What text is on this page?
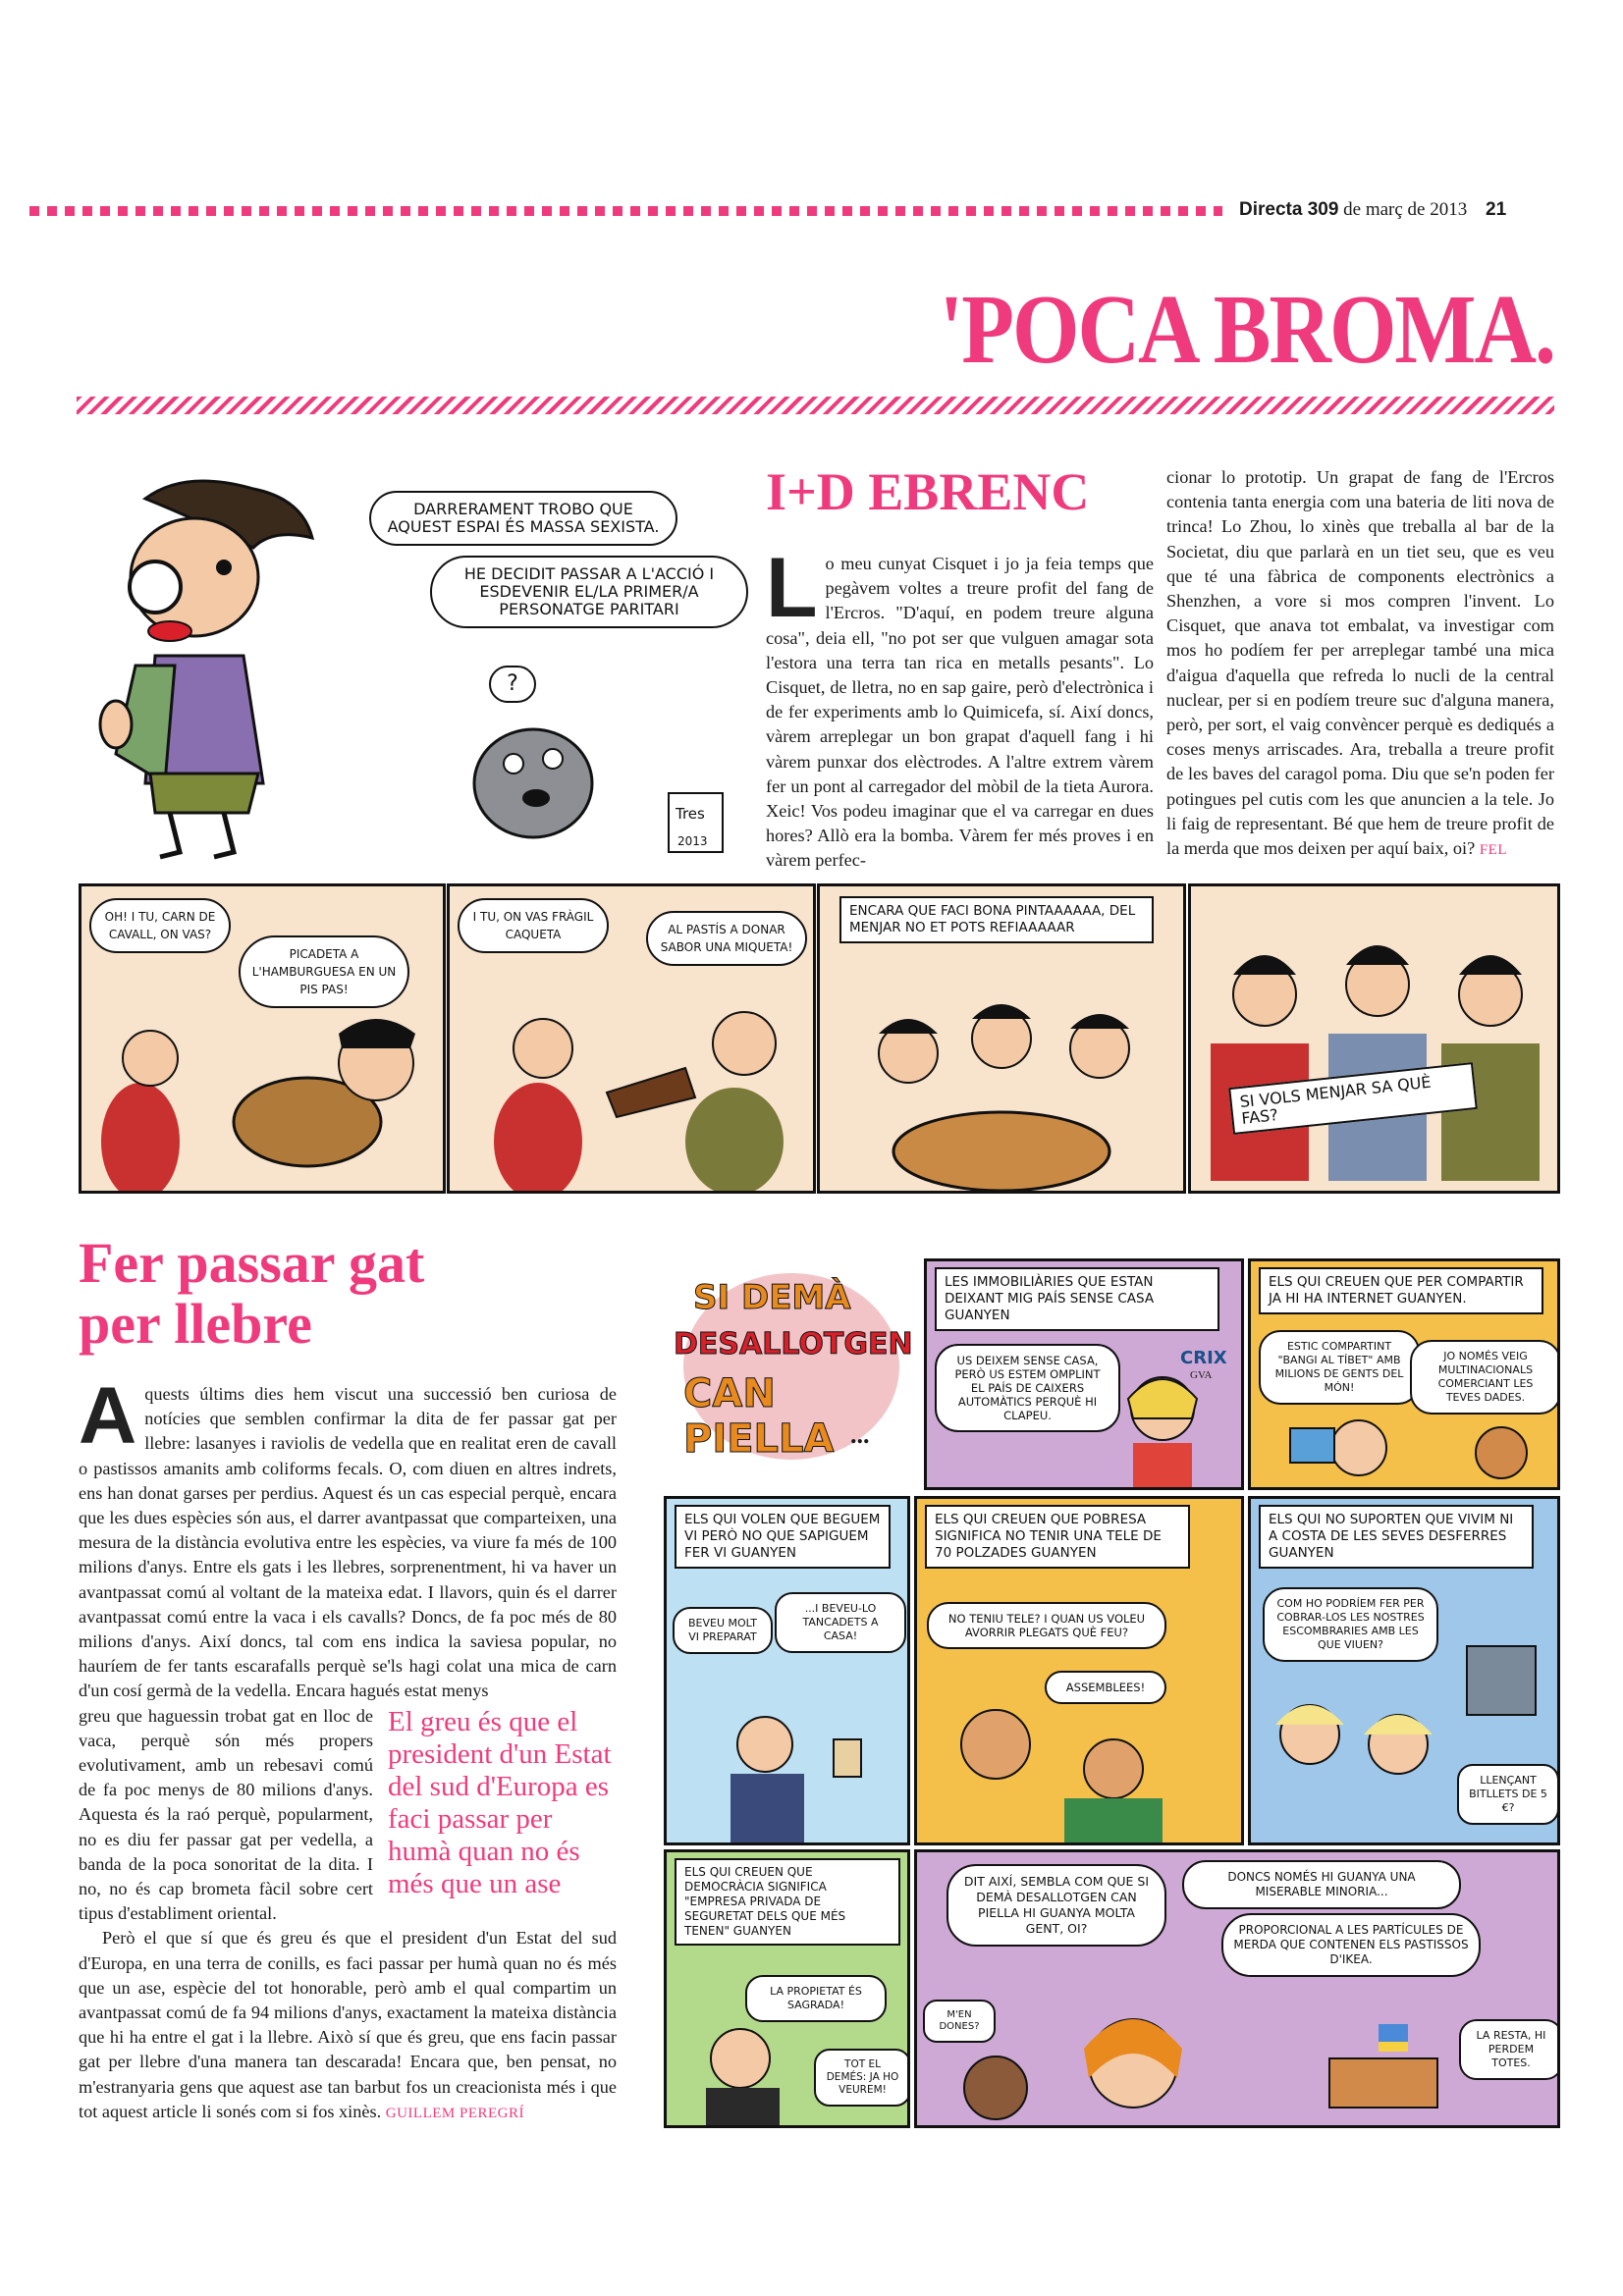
Directa 309 de març de 2013 21
'POCA BROMA.
DARRERAMENT TROBO QUE AQUEST ESPAI ÉS MASSA SEXISTA.
HE DECIDIT PASSAR A L'ACCIÓ I ESDEVENIR EL/LA PRIMER/A PERSONATGE PARITARI
?
Tres
2013
I+D EBRENC
Lo meu cunyat Cisquet i jo ja feia temps que pegàvem voltes a treure profit del fang de l'Ercros. "D'aquí, en podem treure alguna cosa", deia ell, "no pot ser que vulguen amagar sota l'estora una terra tan rica en metalls pesants". Lo Cisquet, de lletra, no en sap gaire, però d'electrònica i de fer experiments amb lo Quimicefa, sí. Així doncs, vàrem arreplegar un bon grapat d'aquell fang i hi vàrem punxar dos elèctrodes. A l'altre extrem vàrem fer un pont al carregador del mòbil de la tieta Aurora. Xeic! Vos podeu imaginar que el va carregar en dues hores? Allò era la bomba. Vàrem fer més proves i en vàrem perfec-
cionar lo prototip. Un grapat de fang de l'Ercros contenia tanta energia com una bateria de liti nova de trinca! Lo Zhou, lo xinès que treballa al bar de la Societat, diu que parlarà en un tiet seu, que es veu que té una fàbrica de components electrònics a Shenzhen, a vore si mos compren l'invent. Lo Cisquet, que anava tot embalat, va investigar com mos ho podíem fer per arreplegar també una mica d'aigua d'aquella que refreda lo nucli de la central nuclear, per si en podíem treure suc d'alguna manera, però, per sort, el vaig convèncer perquè es dediqués a coses menys arriscades. Ara, treballa a treure profit de les baves del caragol poma. Diu que se'n poden fer potingues pel cutis com les que anuncien a la tele. Jo li faig de representant. Bé que hem de treure profit de la merda que mos deixen per aquí baix, oi? FEL
OH! I TU, CARN DE CAVALL, ON VAS?
PICADETA A L'HAMBURGUESA EN UN PIS PAS!
I TU, ON VAS FRÀGIL CAQUETA	AL PASTÍS A DONAR SABOR UNA MIQUETA!
ENCARA QUE FACI BONA PINTAAAAAA, DEL MENJAR NO ET POTS REFIAAAAAR
SI VOLS MENJAR SA QUÈ FAS?
Fer passar gat per llebre

Aquests últims dies hem viscut una successió ben curiosa de notícies que semblen confirmar la dita de fer passar gat per llebre: lasanyes i raviolis de vedella que en realitat eren de cavall o pastissos amanits amb coliforms fecals. O, com diuen en altres indrets, ens han donat garses per perdius. Aquest és un cas especial perquè, encara que les dues espècies són aus, el darrer avantpassat que comparteixen, una mesura de la distància evolutiva entre les espècies, va viure fa més de 100 milions d'anys. Entre els gats i les llebres, sorprenentment, hi va haver un avantpassat comú al voltant de la mateixa edat. I llavors, quin és el darrer avantpassat comú entre la vaca i els cavalls? Doncs, de fa poc més de 80 milions d'anys. Així doncs, tal com ens indica la saviesa popular, no hauríem de fer tants escarafalls perquè se'ls hagi colat una mica de carn d'un cosí germà de la vedella. Encara hagués estat menys

greu que haguessin trobat gat en lloc de vaca, perquè són més propers evolutivament, amb un rebesavi comú de fa poc menys de 80 milions d'anys. Aquesta és la raó perquè, popularment, no es diu fer passar gat per vedella, a banda de la poca sonoritat de la dita. I no, no és cap brometa fàcil sobre cert tipus d'establiment oriental.

Però el que sí que és greu és que el president d'un Estat del sud d'Europa, en una terra de conills, es faci passar per humà quan no és més que un ase, espècie del tot honorable, però amb el qual compartim un avantpassat comú de fa 94 milions d'anys, exactament la mateixa distància que hi ha entre el gat i la llebre. Això sí que és greu, que ens facin passar gat per llebre d'una manera tan descarada! Encara que, ben pensat, no m'estranyaria gens que aquest ase tan barbut fos un creacionista més i que tot aquest article li sonés com si fos xinès. GUILLEM PEREGRÍ

El greu és que el president d'un Estat del sud d'Europa es faci passar per humà quan no és més que un ase
SI DEMÀ
DESALLOTGEN
CAN PIELLA ...
LES IMMOBILIÀRIES QUE ESTAN DEIXANT MIG PAÍS SENSE CASA GUANYEN
US DEIXEM SENSE CASA, PERÒ US ESTEM OMPLINT EL PAÍS DE CAIXERS AUTOMÀTICS PERQUÈ HI CLAPEU.
CRIX
GVA
ELS QUI CREUEN QUE PER COMPARTIR JA HI HA INTERNET GUANYEN.
ESTIC COMPARTINT "BANGI AL TÍBET" AMB MILIONS DE GENTS DEL MÓN!
JO NOMÉS VEIG MULTINACIONALS COMERCIANT LES TEVES DADES.
ELS QUI VOLEN QUE BEGUEM VI PERÒ NO QUE SAPIGUEM FER VI GUANYEN
BEVEU MOLT VI PREPARAT
...I BEVEU-LO TANCADETS A CASA!
ELS QUI CREUEN QUE POBRESA SIGNIFICA NO TENIR UNA TELE DE 70 POLZADES GUANYEN
NO TENIU TELE? I QUAN US VOLEU AVORRIR PLEGATS QUÈ FEU?
ASSEMBLEES!
ELS QUI NO SUPORTEN QUE VIVIM NI A COSTA DE LES SEVES DESFERRES GUANYEN
COM HO PODRÍEM FER PER COBRAR-LOS LES NOSTRES ESCOMBRARIES AMB LES QUE VIUEN?
LLENÇANT BITLLETS DE 5 €?
ELS QUI CREUEN QUE DEMOCRÀCIA SIGNIFICA "EMPRESA PRIVADA DE SEGURETAT DELS QUE MÉS TENEN" GUANYEN
LA PROPIETAT ÉS SAGRADA!
TOT EL DEMÉS: JA HO VEUREM!
DIT AIXÍ, SEMBLA COM QUE SI DEMÀ DESALLOTGEN CAN PIELLA HI GUANYA MOLTA GENT, OI?
M'EN DONES?
DONCS NOMÉS HI GUANYA UNA MISERABLE MINORIA...
PROPORCIONAL A LES PARTÍCULES DE MERDA QUE CONTENEN ELS PASTISSOS D'IKEA.
LA RESTA, HI PERDEM TOTES.
